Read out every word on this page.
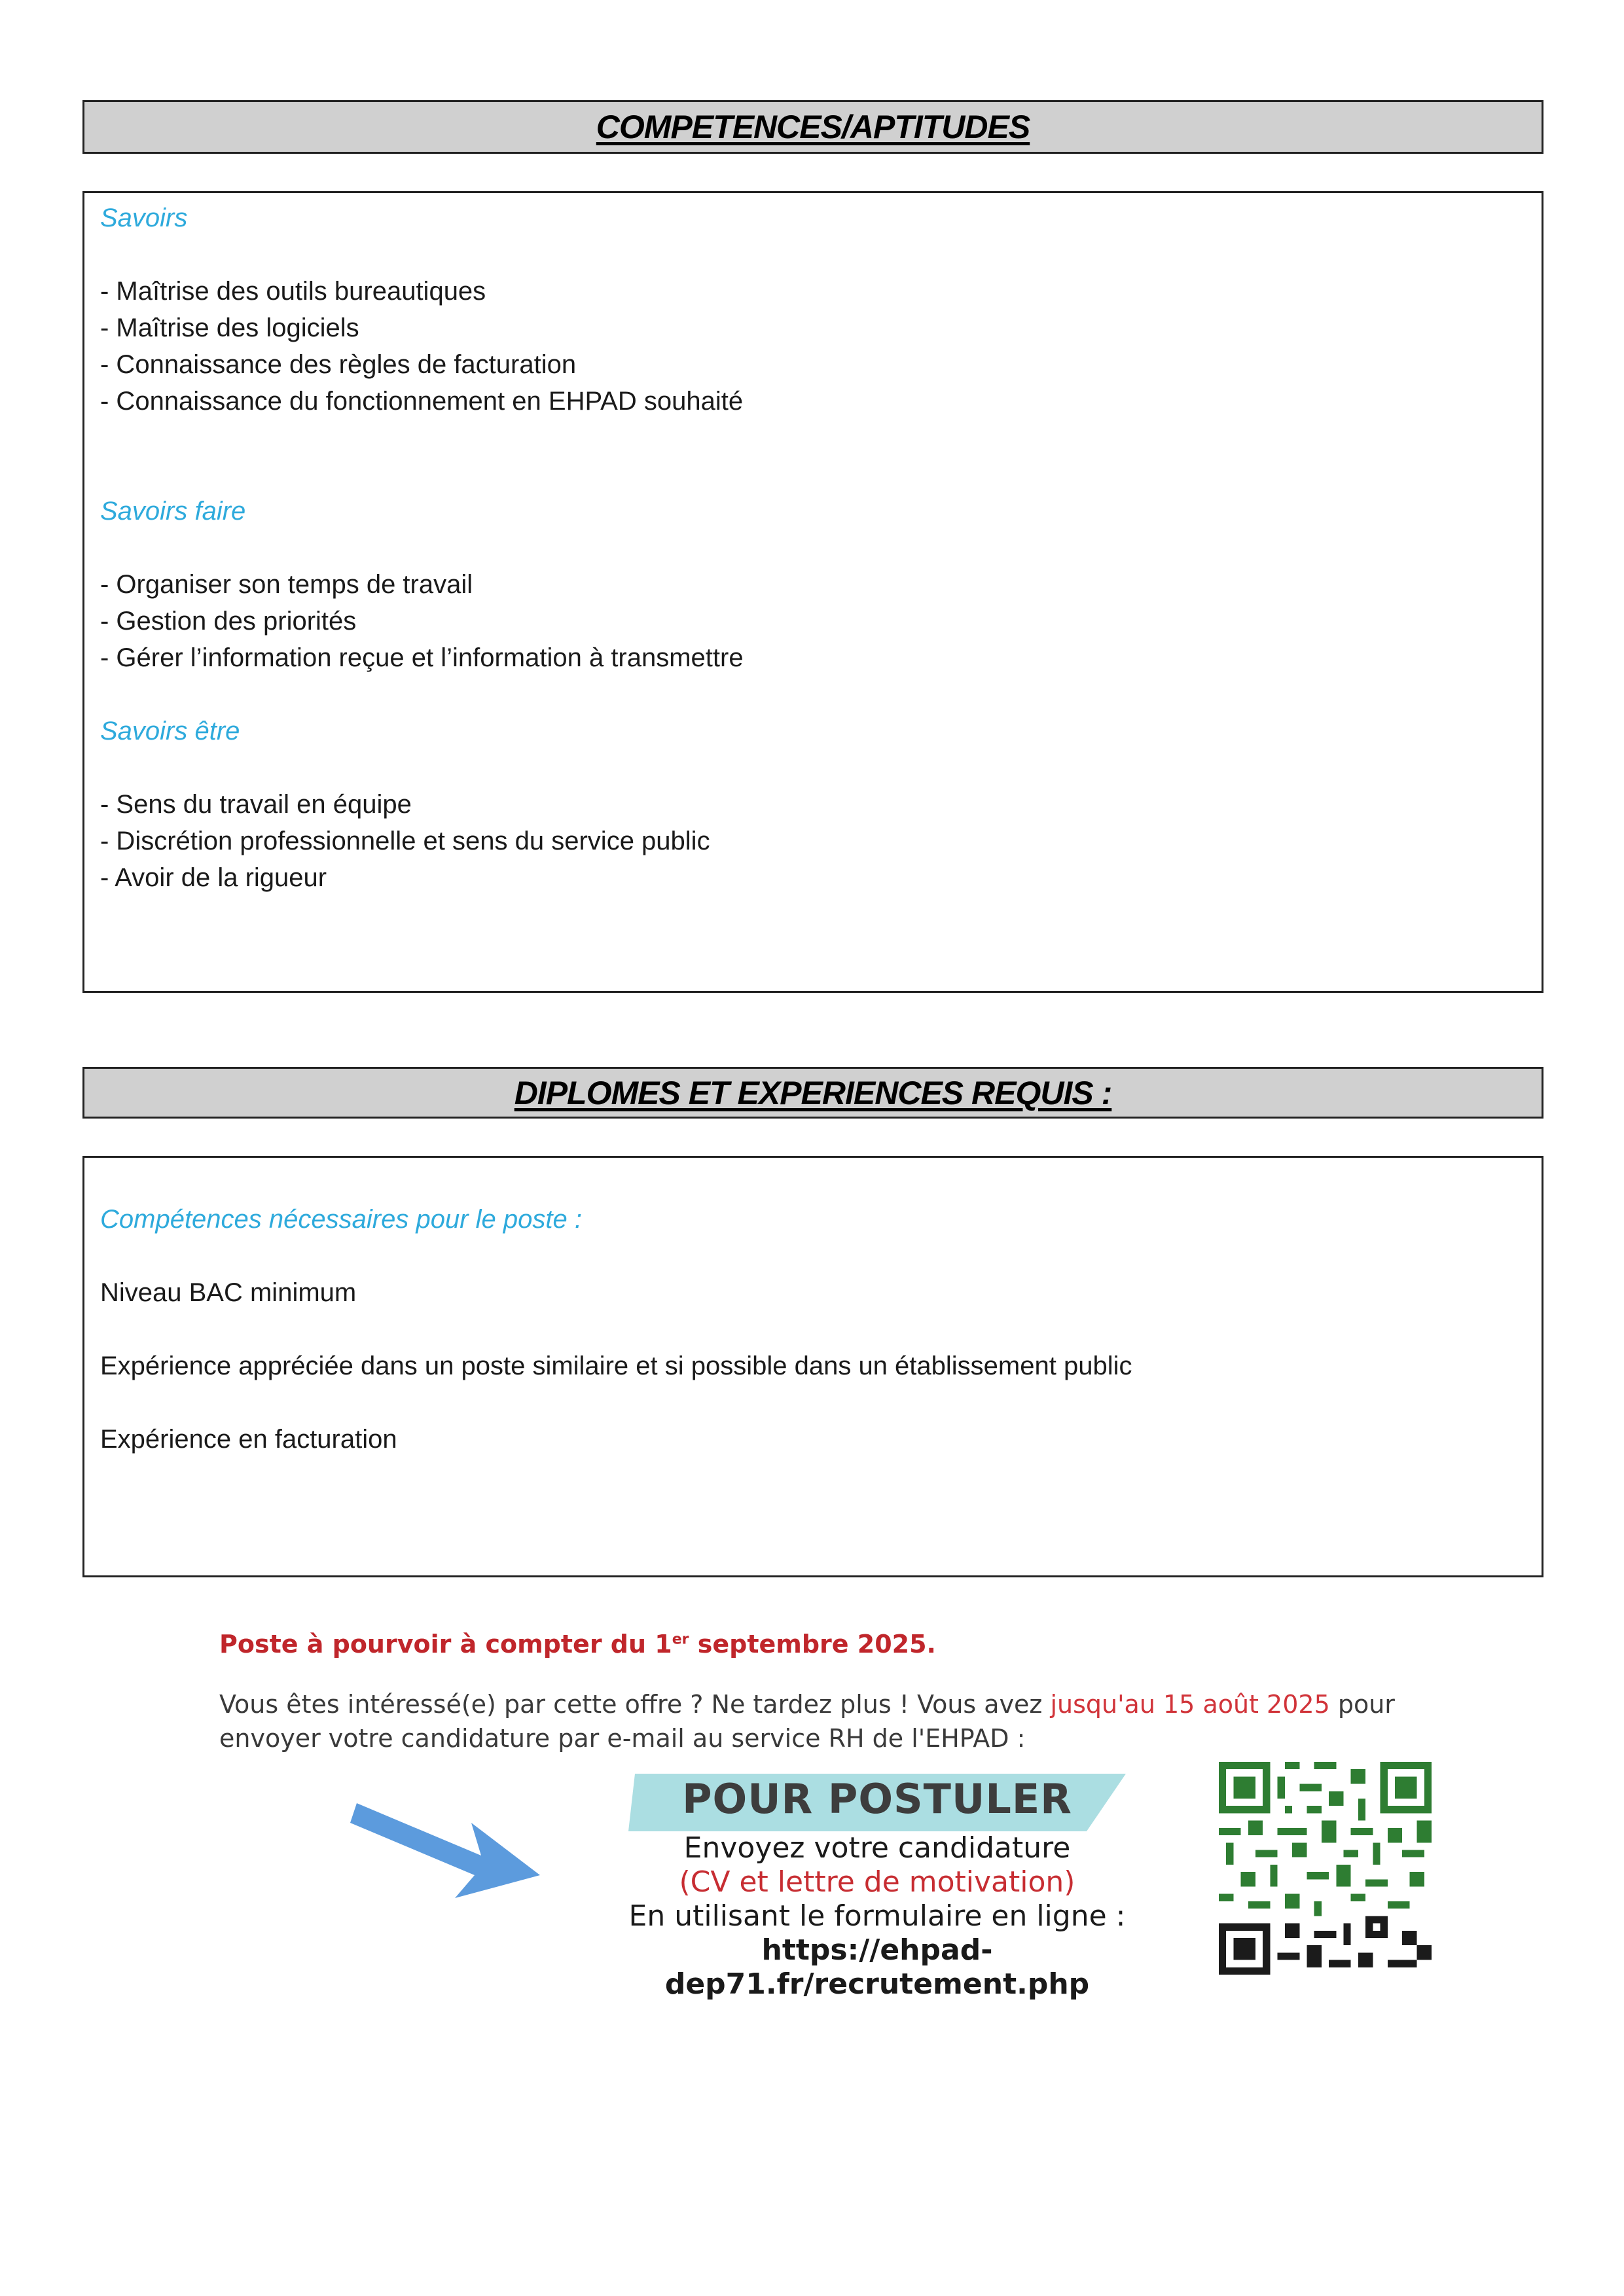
COMPETENCES/APTITUDES

Savoirs

- Maîtrise des outils bureautiques

- Maîtrise des logiciels

- Connaissance des règles de facturation

- Connaissance du fonctionnement en EHPAD souhaité

Savoirs faire

- Organiser son temps de travail

- Gestion des priorités

- Gérer l’information reçue et l’information à transmettre

Savoirs être

- Sens du travail en équipe

- Discrétion professionnelle et sens du service public

- Avoir de la rigueur

DIPLOMES ET EXPERIENCES REQUIS :

Compétences nécessaires pour le poste :

Niveau BAC minimum

Expérience appréciée dans un poste similaire et si possible dans un établissement public

Expérience en facturation

Poste à pourvoir à compter du 1er septembre 2025.

Vous êtes intéressé(e) par cette offre ? Ne tardez plus ! Vous avez jusqu'au 15 août 2025 pour envoyer votre candidature par e-mail au service RH de l'EHPAD :

POUR POSTULER

Envoyez votre candidature

(CV et lettre de motivation)

En utilisant le formulaire en ligne :

https://ehpad-dep71.fr/recrutement.php
